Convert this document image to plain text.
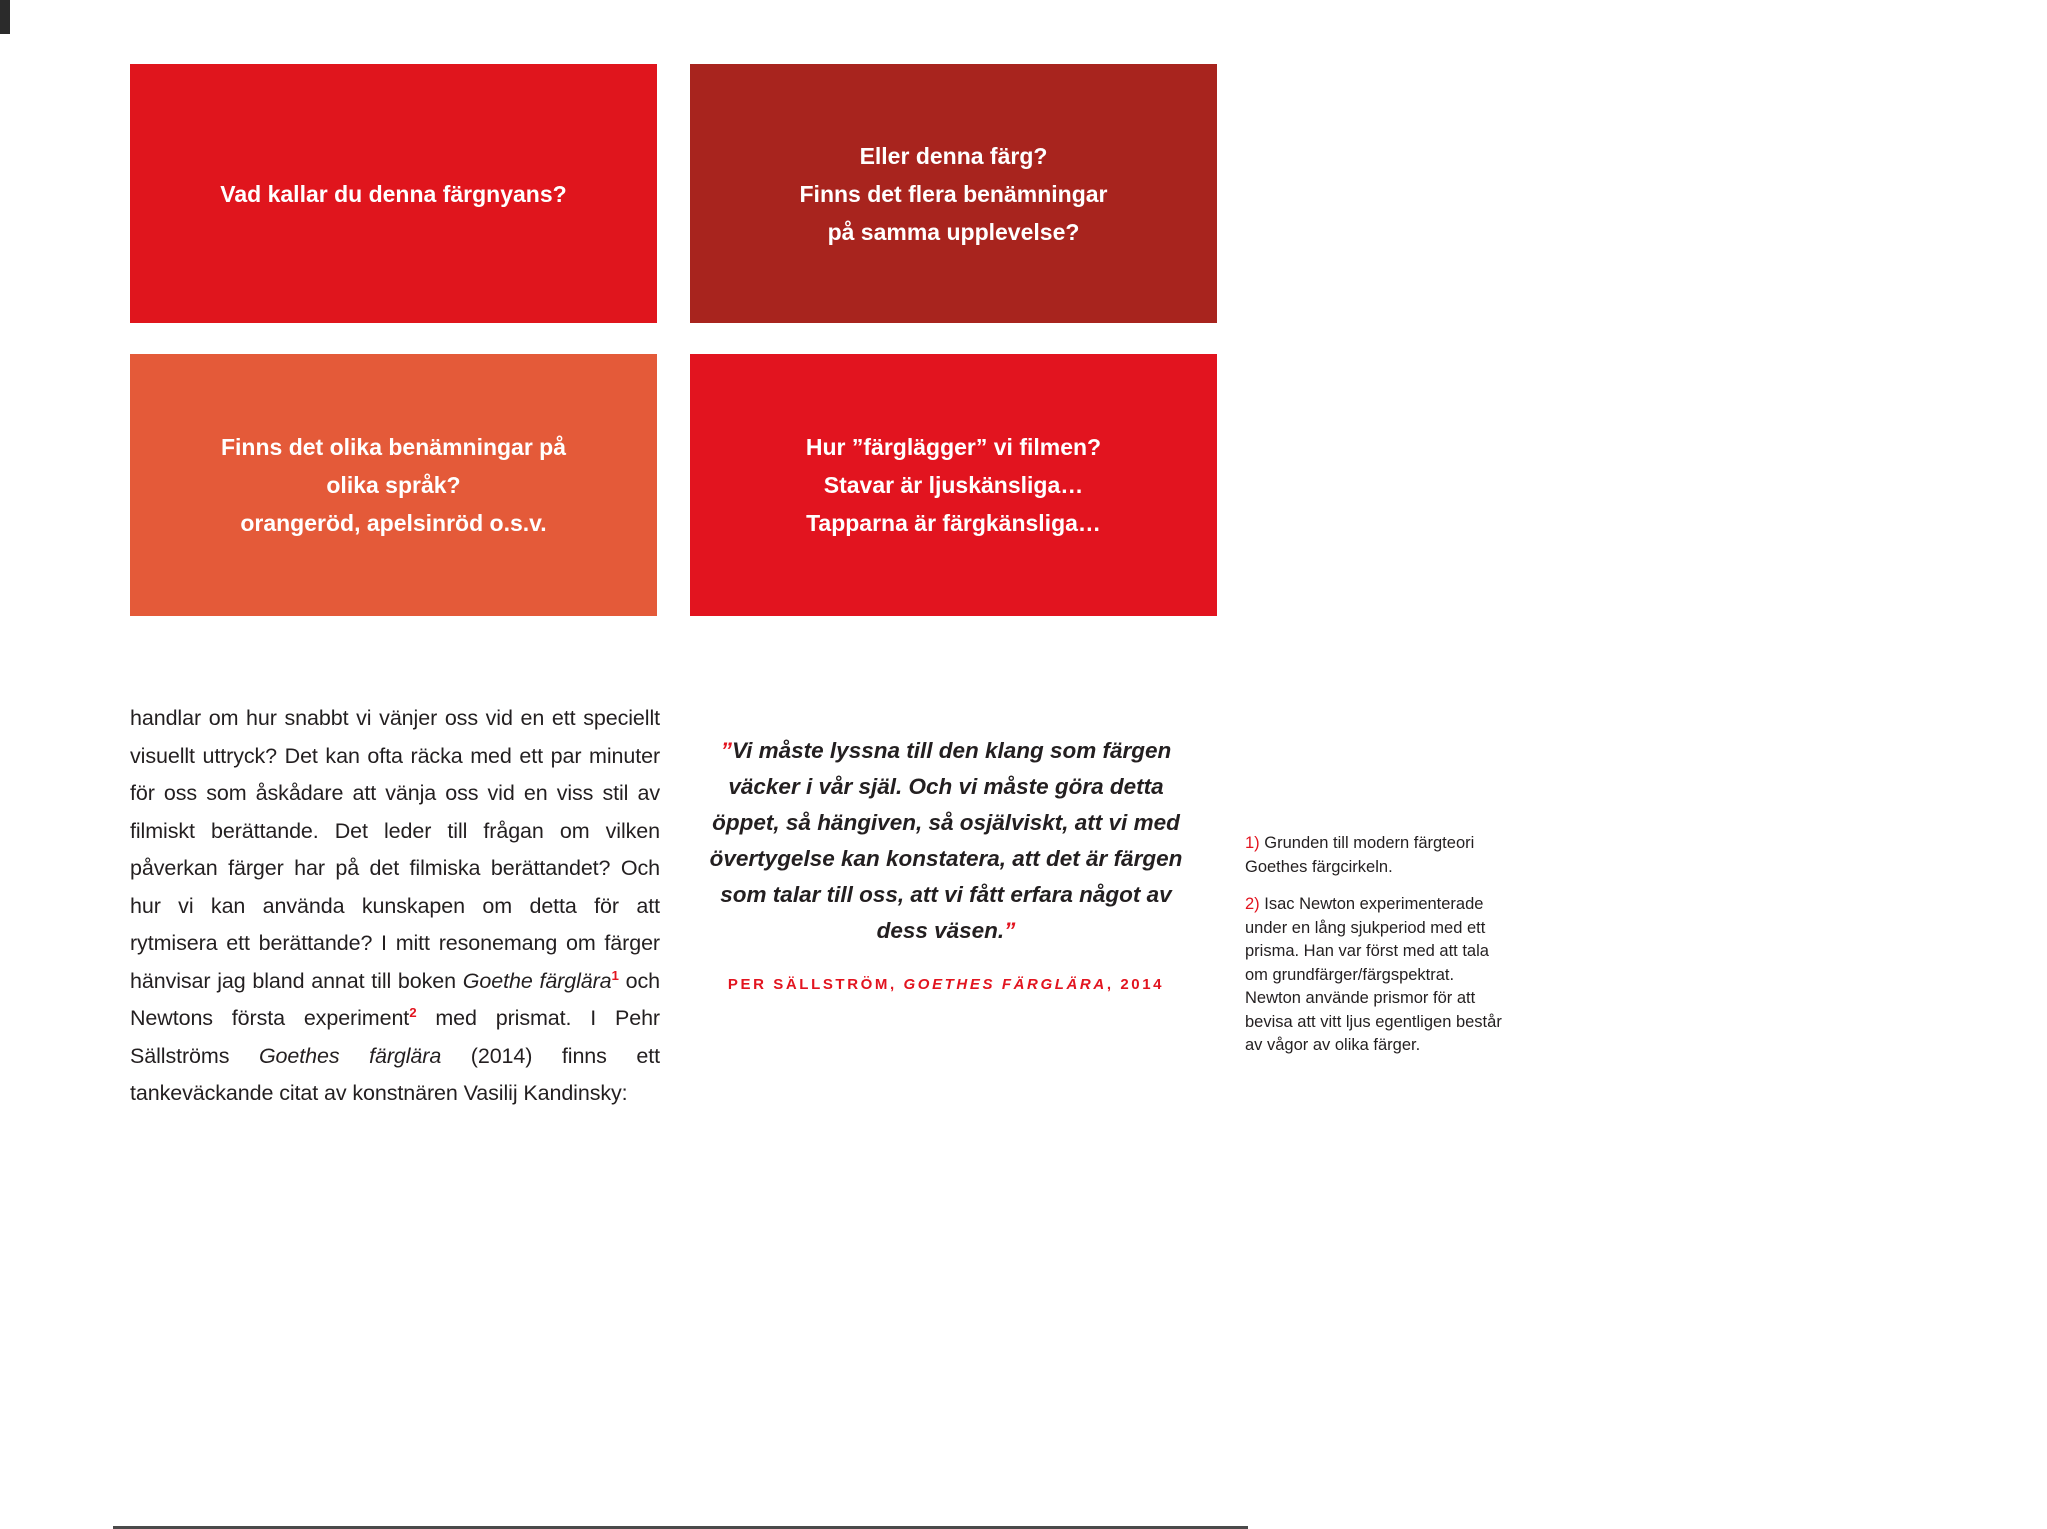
Vad kallar du denna färgnyans?
Eller denna färg?
Finns det flera benämningar
på samma upplevelse?
Finns det olika benämningar på
olika språk?
orangeröd, apelsinröd o.s.v.
Hur ”färglägger” vi filmen?
Stavar är ljuskänsliga…
Tapparna är färgkänsliga…
handlar om hur snabbt vi vänjer oss vid en ett speciellt visuellt uttryck? Det kan ofta räcka med ett par minuter för oss som åskådare att vänja oss vid en viss stil av filmiskt berättande. Det leder till frågan om vilken påverkan färger har på det filmiska berättandet? Och hur vi kan använda kunskapen om detta för att rytmisera ett berättande? I mitt resonemang om färger hänvisar jag bland annat till boken Goethe färglära$^1$ och Newtons första experiment$^2$ med prismat. I Pehr Sällströms Goethes färglära (2014) finns ett tankeväckande citat av konstnären Vasilij Kandinsky:
”Vi måste lyssna till den klang som färgen väcker i vår själ. Och vi måste göra detta öppet, så hängiven, så osjälviskt, att vi med övertygelse kan konstatera, att det är färgen som talar till oss, att vi fått erfara något av dess väsen.”
PER SÄLLSTRÖM, GOETHES FÄRGLÄRA, 2014
1) Grunden till modern färgteori Goethes färgcirkeln.
2) Isac Newton experimenterade under en lång sjukperiod med ett prisma. Han var först med att tala om grundfärger/färgspektrat. Newton använde prismor för att bevisa att vitt ljus egentligen består av vågor av olika färger.
